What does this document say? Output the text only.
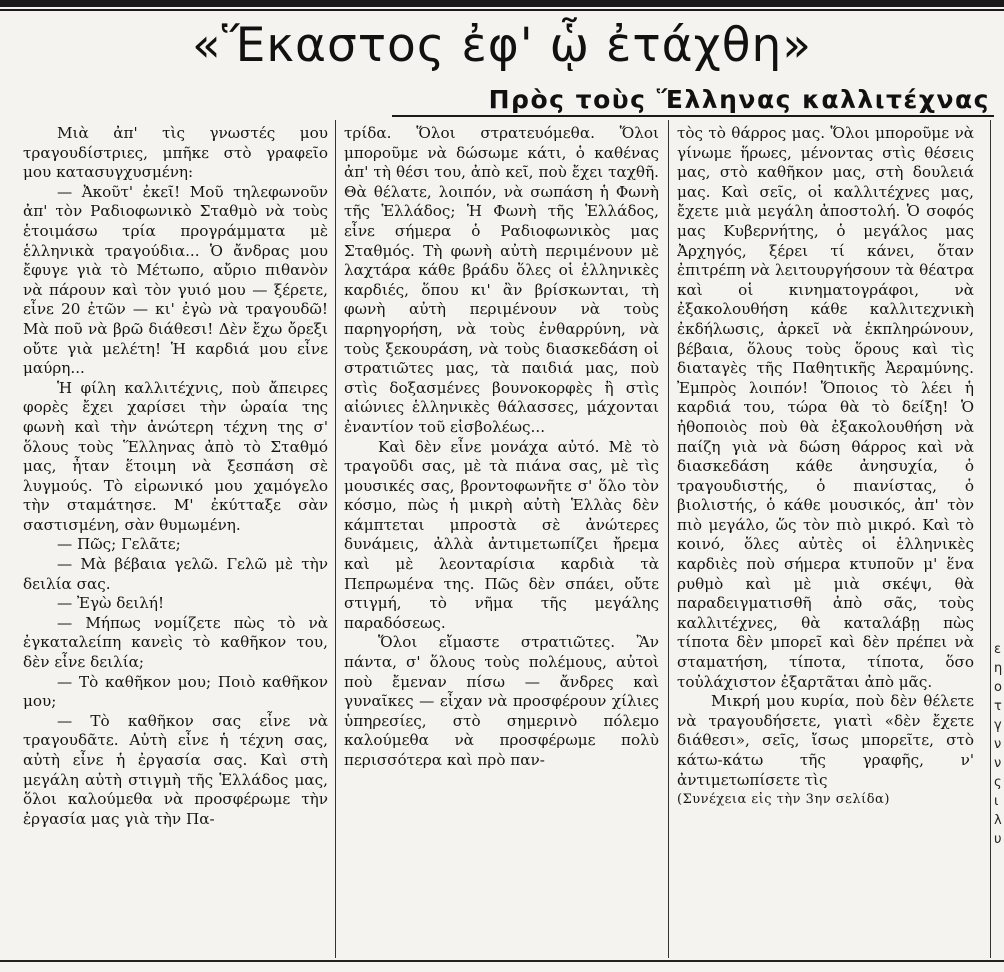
«Ἕκαστος ἐφ' ᾧ ἐτάχθη»
Πρὸς τοὺς Ἕλληνας καλλιτέχνας

Μιὰ ἀπ' τὶς γνωστές μου τραγουδίστριες, μπῆκε στὸ γραφεῖο μου κατασυγχυσμένη:

— Ἀκοῦτ' ἐκεῖ! Μοῦ τηλεφωνοῦν ἀπ' τὸν Ραδιοφωνικὸ Σταθμὸ νὰ τοὺς ἑτοιμάσω τρία προγράμματα μὲ ἑλληνικὰ τραγούδια... Ὁ ἄνδρας μου ἔφυγε γιὰ τὸ Μέτωπο, αὔριο πιθανὸν νὰ πάρουν καὶ τὸν γυιό μου — ξέρετε, εἶνε 20 ἐτῶν — κι' ἐγὼ νὰ τραγουδῶ! Μὰ ποῦ νὰ βρῶ διάθεσι! Δὲν ἔχω ὄρεξι οὔτε γιὰ μελέτη! Ἡ καρδιά μου εἶνε μαύρη...

Ἡ φίλη καλλιτέχνις, ποὺ ἄπειρες φορὲς ἔχει χαρίσει τὴν ὡραία της φωνὴ καὶ τὴν ἀνώτερη τέχνη της σ' ὅλους τοὺς Ἕλληνας ἀπὸ τὸ Σταθμό μας, ἦταν ἕτοιμη νὰ ξεσπάση σὲ λυγμούς. Τὸ εἰρωνικό μου χαμόγελο τὴν σταμάτησε. Μ' ἐκύτταξε σὰν σαστισμένη, σὰν θυμωμένη.

— Πῶς; Γελᾶτε;

— Μὰ βέβαια γελῶ. Γελῶ μὲ τὴν δειλία σας.

— Ἐγὼ δειλή!

— Μήπως νομίζετε πὼς τὸ νὰ ἐγκαταλείπη κανεὶς τὸ καθῆκον του, δὲν εἶνε δειλία;

— Τὸ καθῆκον μου; Ποιὸ καθῆκον μου;

— Τὸ καθῆκον σας εἶνε νὰ τραγουδᾶτε. Αὐτὴ εἶνε ἡ τέχνη σας, αὐτὴ εἶνε ἡ ἐργασία σας. Καὶ στὴ μεγάλη αὐτὴ στιγμὴ τῆς Ἑλλάδος μας, ὅλοι καλούμεθα νὰ προσφέρωμε τὴν ἐργασία μας γιὰ τὴν Πα-

τρίδα. Ὅλοι στρατευόμεθα. Ὅλοι μποροῦμε νὰ δώσωμε κάτι, ὁ καθένας ἀπ' τὴ θέσι του, ἀπὸ κεῖ, ποὺ ἔχει ταχθῆ. Θὰ θέλατε, λοιπόν, νὰ σωπάση ἡ Φωνὴ τῆς Ἑλλάδος; Ἡ Φωνὴ τῆς Ἑλλάδος, εἶνε σήμερα ὁ Ραδιοφωνικὸς μας Σταθμός. Τὴ φωνὴ αὐτὴ περιμένουν μὲ λαχτάρα κάθε βράδυ ὅλες οἱ ἑλληνικὲς καρδιές, ὅπου κι' ἂν βρίσκωνται, τὴ φωνὴ αὐτὴ περιμένουν νὰ τοὺς παρηγορήση, νὰ τοὺς ἐνθαρρύνη, νὰ τοὺς ξεκουράση, νὰ τοὺς διασκεδάση οἱ στρατιῶτες μας, τὰ παιδιά μας, ποὺ στὶς δοξασμένες βουνοκορφὲς ἢ στὶς αἰώνιες ἑλληνικὲς θάλασσες, μάχονται ἐναντίον τοῦ εἰσβολέως...

Καὶ δὲν εἶνε μονάχα αὐτό. Μὲ τὸ τραγοῦδι σας, μὲ τὰ πιάνα σας, μὲ τὶς μουσικές σας, βροντοφωνῆτε σ' ὅλο τὸν κόσμο, πὼς ἡ μικρὴ αὐτὴ Ἑλλὰς δὲν κάμπτεται μπροστὰ σὲ ἀνώτερες δυνάμεις, ἀλλὰ ἀντιμετωπίζει ἤρεμα καὶ μὲ λεονταρίσια καρδιὰ τὰ Πεπρωμένα της. Πῶς δὲν σπάει, οὔτε στιγμή, τὸ νῆμα τῆς μεγάλης παραδόσεως.

Ὅλοι εἴμαστε στρατιῶτες. Ἂν πάντα, σ' ὅλους τοὺς πολέμους, αὐτοὶ ποὺ ἔμεναν πίσω — ἄνδρες καὶ γυναῖκες — εἶχαν νὰ προσφέρουν χίλιες ὑπηρεσίες, στὸ σημερινὸ πόλεμο καλούμεθα νὰ προσφέρωμε πολὺ περισσότερα καὶ πρὸ παν-

τὸς τὸ θάρρος μας. Ὅλοι μποροῦμε νὰ γίνωμε ἥρωες, μένοντας στὶς θέσεις μας, στὸ καθῆκον μας, στὴ δουλειά μας. Καὶ σεῖς, οἱ καλλιτέχνες μας, ἔχετε μιὰ μεγάλη ἀποστολή. Ὁ σοφός μας Κυβερνήτης, ὁ μεγάλος μας Ἀρχηγός, ξέρει τί κάνει, ὅταν ἐπιτρέπη νὰ λειτουργήσουν τὰ θέατρα καὶ οἱ κινηματογράφοι, νὰ ἐξακολουθήση κάθε καλλιτεχνικὴ ἐκδήλωσις, ἀρκεῖ νὰ ἐκπληρώνουν, βέβαια, ὅλους τοὺς ὅρους καὶ τὶς διαταγὲς τῆς Παθητικῆς Ἀεραμύνης. Ἐμπρὸς λοιπόν! Ὅποιος τὸ λέει ἡ καρδιά του, τώρα θὰ τὸ δείξη! Ὁ ἠθοποιὸς ποὺ θὰ ἐξακολουθήση νὰ παίζη γιὰ νὰ δώση θάρρος καὶ νὰ διασκεδάση κάθε ἀνησυχία, ὁ τραγουδιστής, ὁ πιανίστας, ὁ βιολιστής, ὁ κάθε μουσικός, ἀπ' τὸν πιὸ μεγάλο, ὥς τὸν πιὸ μικρό. Καὶ τὸ κοινό, ὅλες αὐτὲς οἱ ἑλληνικὲς καρδιὲς ποὺ σήμερα κτυποῦν μ' ἕνα ρυθμὸ καὶ μὲ μιὰ σκέψι, θὰ παραδειγματισθῆ ἀπὸ σᾶς, τοὺς καλλιτέχνες, θὰ καταλάβῃ πὼς τίποτα δὲν μπορεῖ καὶ δὲν πρέπει νὰ σταματήση, τίποτα, τίποτα, ὅσο τοὐλάχιστον ἐξαρτᾶται ἀπὸ μᾶς.

Μικρή μου κυρία, ποὺ δὲν θέλετε νὰ τραγουδήσετε, γιατὶ «δὲν ἔχετε διάθεσι», σεῖς, ἴσως μπορεῖτε, στὸ κάτω-κάτω τῆς γραφῆς, ν' ἀντιμετωπίσετε τὶς

(Συνέχεια εἰς τὴν 3ην σελίδα)

ε
η
ο
τ
γ
ν
ν
ς
ι
λ
υ
